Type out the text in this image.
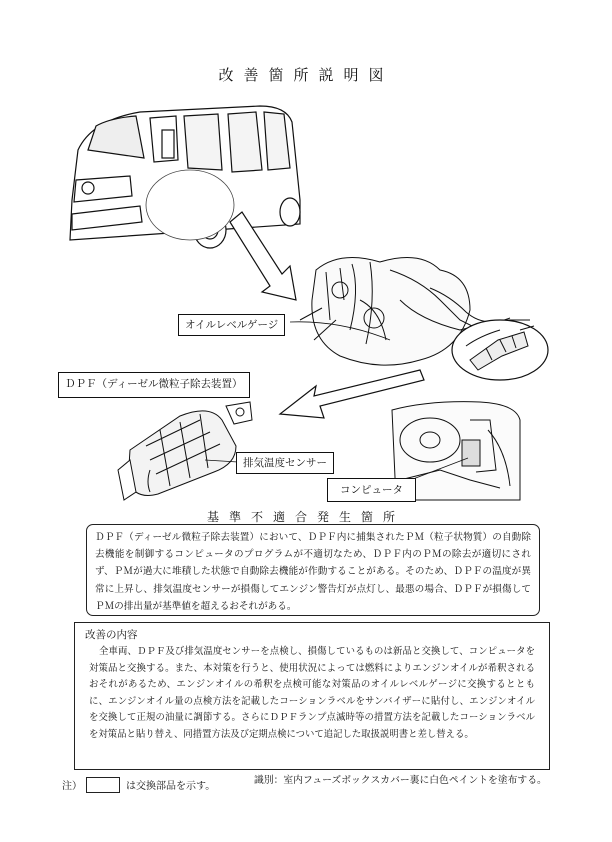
改善箇所説明図
オイルレベルゲージ
ＤＰＦ（ディーゼル微粒子除去装置）
排気温度センサー
コンピュータ
基準不適合発生箇所
ＤＰＦ（ディーゼル微粒子除去装置）において、ＤＰＦ内に捕集されたＰＭ（粒子状物質）の自動除去機能を制御するコンピュータのプログラムが不適切なため、ＤＰＦ内のＰＭの除去が適切にされず、ＰＭが過大に堆積した状態で自動除去機能が作動することがある。そのため、ＤＰＦの温度が異常に上昇し、排気温度センサーが損傷してエンジン警告灯が点灯し、最悪の場合、ＤＰＦが損傷してＰＭの排出量が基準値を超えるおそれがある。
改善の内容
全車両、ＤＰＦ及び排気温度センサーを点検し、損傷しているものは新品と交換して、コンピュータを対策品と交換する。また、本対策を行うと、使用状況によっては燃料によりエンジンオイルが希釈されるおそれがあるため、エンジンオイルの希釈を点検可能な対策品のオイルレベルゲージに交換するとともに、エンジンオイル量の点検方法を記載したコーションラベルをサンバイザーに貼付し、エンジンオイルを交換して正規の油量に調節する。さらにＤＰＦランプ点滅時等の措置方法を記載したコーションラベルを対策品と貼り替え、同措置方法及び定期点検について追記した取扱説明書と差し替える。
注）	は交換部品を示す。
識別：室内フューズボックスカバー裏に白色ペイントを塗布する。
